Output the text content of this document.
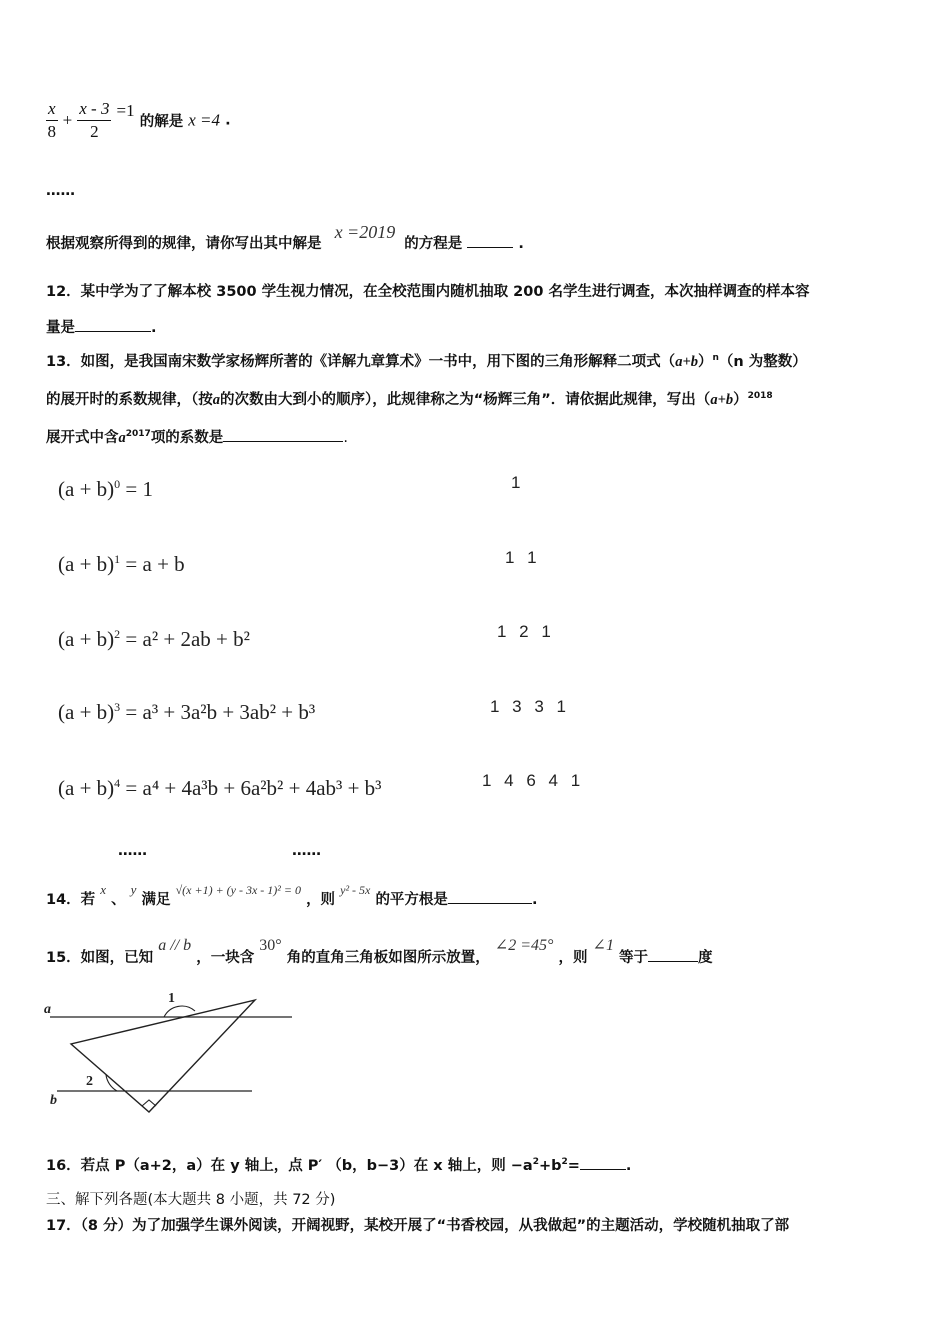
$\frac{x}{8} + \frac{x - 3}{2} =1$ 的解是 x =4 .
……
根据观察所得到的规律，请你写出其中解是 x =2019 的方程是	.
12．某中学为了了解本校 3500 学生视力情况，在全校范围内随机抽取 200 名学生进行调查，本次抽样调查的样本容
量是	.
13．如图，是我国南宋数学家杨辉所著的《详解九章算术》一书中，用下图的三角形解释二项式$(a+b)^n(n$ 为整数）
的展开时的系数规律，（按a的次数由大到小的顺序），此规律称之为“杨辉三角”．请依据此规律，写出$(a+b)^{2018}$
展开式中含$a^{2017}$项的系数是	.
$(a + b)^0 = 1$	1
$(a + b)^1 = a + b$	1 1
$(a + b)^2 = a^2 + 2ab + b^2$	1 2 1
$(a + b)^3 = a^3 + 3a^2b + 3ab^2 + b^3$	1 3 3 1
$(a + b)^4 = a^4 + 4a^3b + 6a^2b^2 + 4ab^3 + b^3$	1 4 6 4 1
……	……
14．若 x 、 y 满足 √(x +1) + (y - 3x - 1)² = 0 ，则 y² - 5x 的平方根是	.
15．如图，已知 a // b ，一块含 30° 角的直角三角板如图所示放置， ∠2 =45° ，则 ∠1 等于	度
a
b
1
2
16．若点 P（a+2，a）在 y 轴上，点 P′ （b，b−3）在 x 轴上，则 $-a^2+b^2=$	.
三、解下列各题(本大题共 8 小题，共 72 分)
17．（8 分）为了加强学生课外阅读，开阔视野，某校开展了“书香校园，从我做起”的主题活动，学校随机抽取了部
